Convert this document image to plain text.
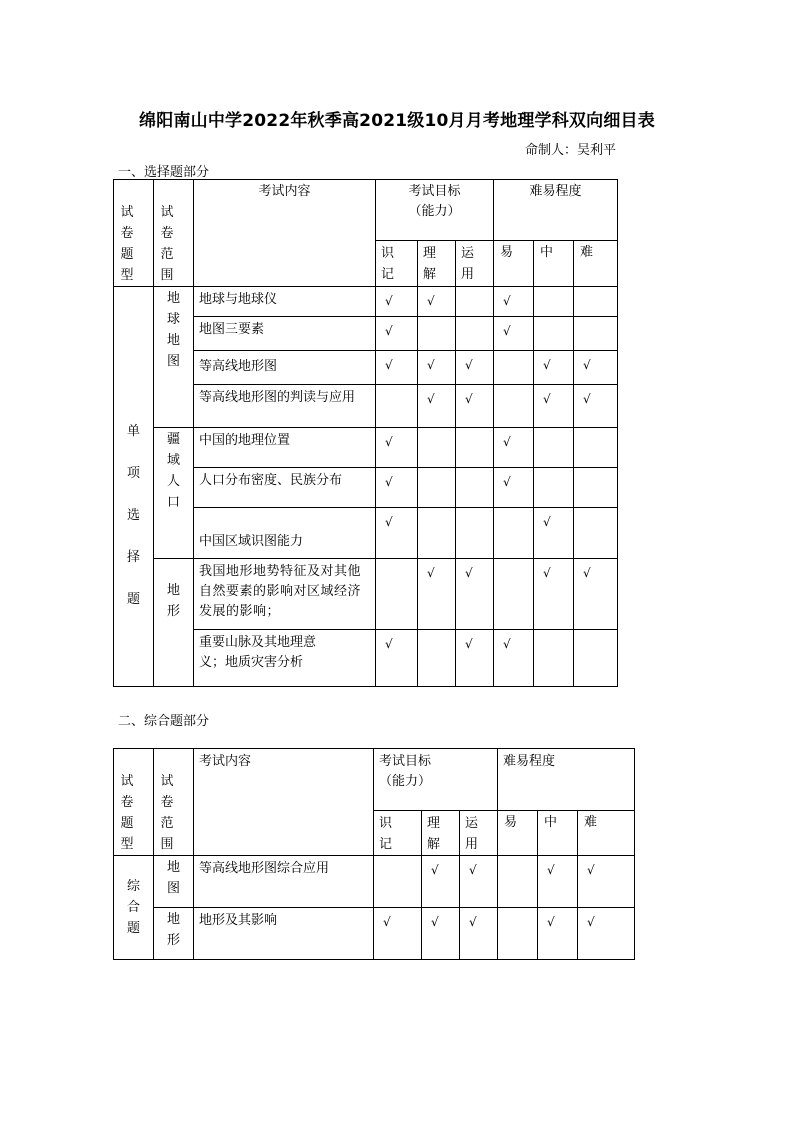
绵阳南山中学2022年秋季高2021级10月月考地理学科双向细目表
命制人：吴利平
一、选择题部分
试卷题型	试卷范围	考试内容	考试目标
（能力）			难易程度		

			识记	理解	运用	易	中	难

单项选择题	地球地图	地球与地球仪	√	√		√		

		地图三要素	√			√		

		等高线地形图	√	√	√		√	√

		等高线地形图的判读与应用		√	√		√	√

	疆域人口	中国的地理位置	√			√		

		人口分布密度、民族分布	√			√		

		中国区域识图能力	√				√	

	地形	我国地形地势特征及对其他自然要素的影响对区域经济发展的影响；		√	√		√	√

		重要山脉及其地理意义；地质灾害分析	√		√	√		

二、综合题部分
试卷题型	试卷范围	考试内容	考试目标
（能力）			难易程度		

			识记	理解	运用	易	中	难

综合题	地图	等高线地形图综合应用		√	√		√	√

	地形	地形及其影响	√	√	√		√	√
